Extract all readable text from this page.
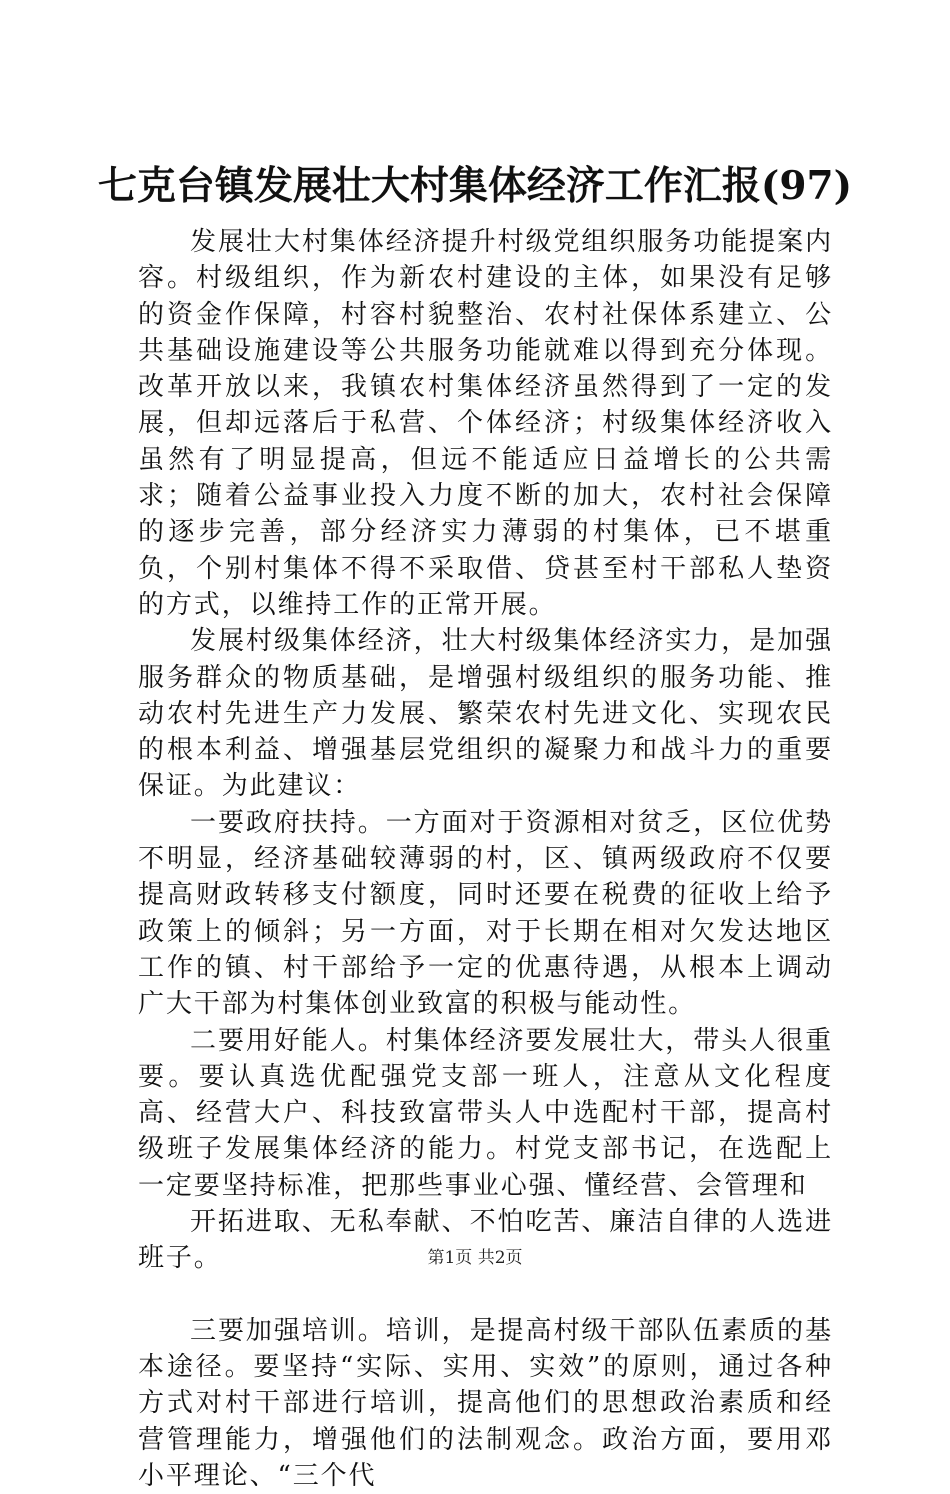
七克台镇发展壮大村集体经济工作汇报(97)

发展壮大村集体经济提升村级党组织服务功能提案内容。村级组织，作为新农村建设的主体，如果没有足够的资金作保障，村容村貌整治、农村社保体系建立、公共基础设施建设等公共服务功能就难以得到充分体现。改革开放以来，我镇农村集体经济虽然得到了一定的发展，但却远落后于私营、个体经济；村级集体经济收入虽然有了明显提高，但远不能适应日益增长的公共需求；随着公益事业投入力度不断的加大，农村社会保障的逐步完善，部分经济实力薄弱的村集体，已不堪重负，个别村集体不得不采取借、贷甚至村干部私人垫资的方式，以维持工作的正常开展。

发展村级集体经济，壮大村级集体经济实力，是加强服务群众的物质基础，是增强村级组织的服务功能、推动农村先进生产力发展、繁荣农村先进文化、实现农民的根本利益、增强基层党组织的凝聚力和战斗力的重要保证。为此建议：

一要政府扶持。一方面对于资源相对贫乏，区位优势不明显，经济基础较薄弱的村，区、镇两级政府不仅要提高财政转移支付额度，同时还要在税费的征收上给予政策上的倾斜；另一方面，对于长期在相对欠发达地区工作的镇、村干部给予一定的优惠待遇，从根本上调动广大干部为村集体创业致富的积极与能动性。

二要用好能人。村集体经济要发展壮大，带头人很重要。要认真选优配强党支部一班人，注意从文化程度高、经营大户、科技致富带头人中选配村干部，提高村级班子发展集体经济的能力。村党支部书记，在选配上一定要坚持标准，把那些事业心强、懂经营、会管理和

开拓进取、无私奉献、不怕吃苦、廉洁自律的人选进班子。

三要加强培训。培训，是提高村级干部队伍素质的基本途径。要坚持“实际、实用、实效”的原则，通过各种方式对村干部进行培训，提高他们的思想政治素质和经营管理能力，增强他们的法制观念。政治方面，要用邓小平理论、“三个代

第1页 共2页
